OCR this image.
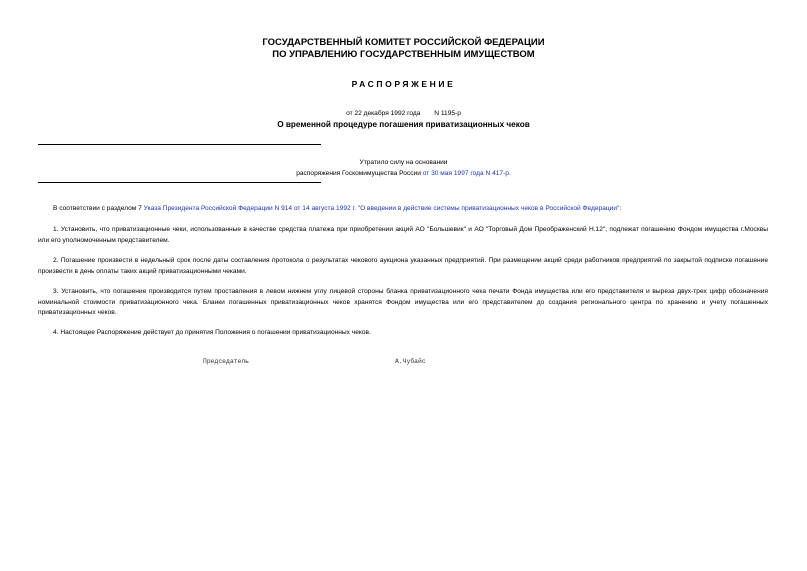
ГОСУДАРСТВЕННЫЙ КОМИТЕТ РОССИЙСКОЙ ФЕДЕРАЦИИ
ПО УПРАВЛЕНИЮ ГОСУДАРСТВЕННЫМ ИМУЩЕСТВОМ
РАСПОРЯЖЕНИЕ
от 22 декабря 1992 года N 1195-р
О временной процедуре погашения приватизационных чеков
Утратило силу на основании
распоряжения Госкомимущества России от 30 мая 1997 года N 417-р.

В соответствии с разделом 7 Указа Президента Российской Федерации N 914 от 14 августа 1992 г. "О введении в действие системы приватизационных чеков в Российской Федерации":

1. Установить, что приватизационные чеки, использованные в качестве средства платежа при приобретении акций АО "Большевик" и АО "Торговый Дом Преображенский Н.12", подлежат погашению Фондом имущества г.Москвы или его уполномоченным представителем.

2. Погашение произвести в недельный срок после даты составления протокола о результатах чекового аукциона указанных предприятий. При размещении акций среди работников предприятий по закрытой подписке погашение произвести в день оплаты таких акций приватизационными чеками.

3. Установить, что погашение производится путем проставления в левом нижнем углу лицевой стороны бланка приватизационного чека печати Фонда имущества или его представителя и выреза двух-трех цифр обозначения номинальной стоимости приватизационного чека. Бланки погашенных приватизационных чеков хранятся Фондом имущества или его представителем до создания регионального центра по хранению и учету погашенных приватизационных чеков.

4. Настоящее Распоряжение действует до принятия Положения о погашении приватизационных чеков.

Председатель	А.Чубайс
